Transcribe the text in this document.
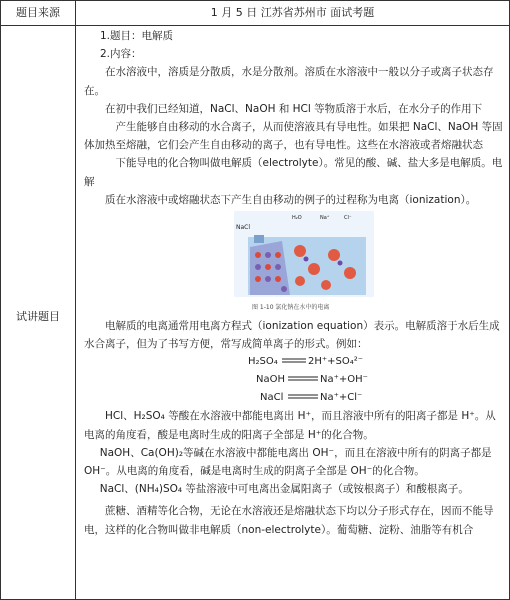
题目来源	1 月 5 日 江苏省苏州市 面试考题
试讲题目

1.题目：电解质

2.内容：

在水溶液中，溶质是分散质，水是分散剂。溶质在水溶液中一般以分子或离子状态存在。

在初中我们已经知道，NaCl、NaOH 和 HCl 等物质溶于水后，在水分子的作用下

产生能够自由移动的水合离子，从而使溶液具有导电性。如果把 NaCl、NaOH 等固体加热至熔融，它们会产生自由移动的离子，也有导电性。这些在水溶液或者熔融状态

下能导电的化合物叫做电解质（electrolyte）。常见的酸、碱、盐大多是电解质。电解

质在水溶液中或熔融状态下产生自由移动的例子的过程称为电离（ionization）。

NaCl
H₂O	Na⁺	Cl⁻
图 1-10 氯化钠在水中的电离

电解质的电离通常用电离方程式（ionization equation）表示。电解质溶于水后生成水合离子，但为了书写方便，常写成简单离子的形式。例如：

H₂SO₄	2H⁺+SO₄²⁻
NaOH	Na⁺+OH⁻
NaCl	Na⁺+Cl⁻

HCl、H₂SO₄ 等酸在水溶液中都能电离出 H⁺，而且溶液中所有的阳离子都是 H⁺。从电离的角度看，酸是电离时生成的阳离子全部是 H⁺的化合物。

NaOH、Ca(OH)₂等碱在水溶液中都能电离出 OH⁻，而且在溶液中所有的阴离子都是 OH⁻。从电离的角度看，碱是电离时生成的阴离子全部是 OH⁻的化合物。

NaCl、(NH₄)SO₄ 等盐溶液中可电离出金属阳离子（或铵根离子）和酸根离子。

蔗糖、酒精等化合物，无论在水溶液还是熔融状态下均以分子形式存在，因而不能导电，这样的化合物叫做非电解质（non-electrolyte）。葡萄糖、淀粉、油脂等有机合
